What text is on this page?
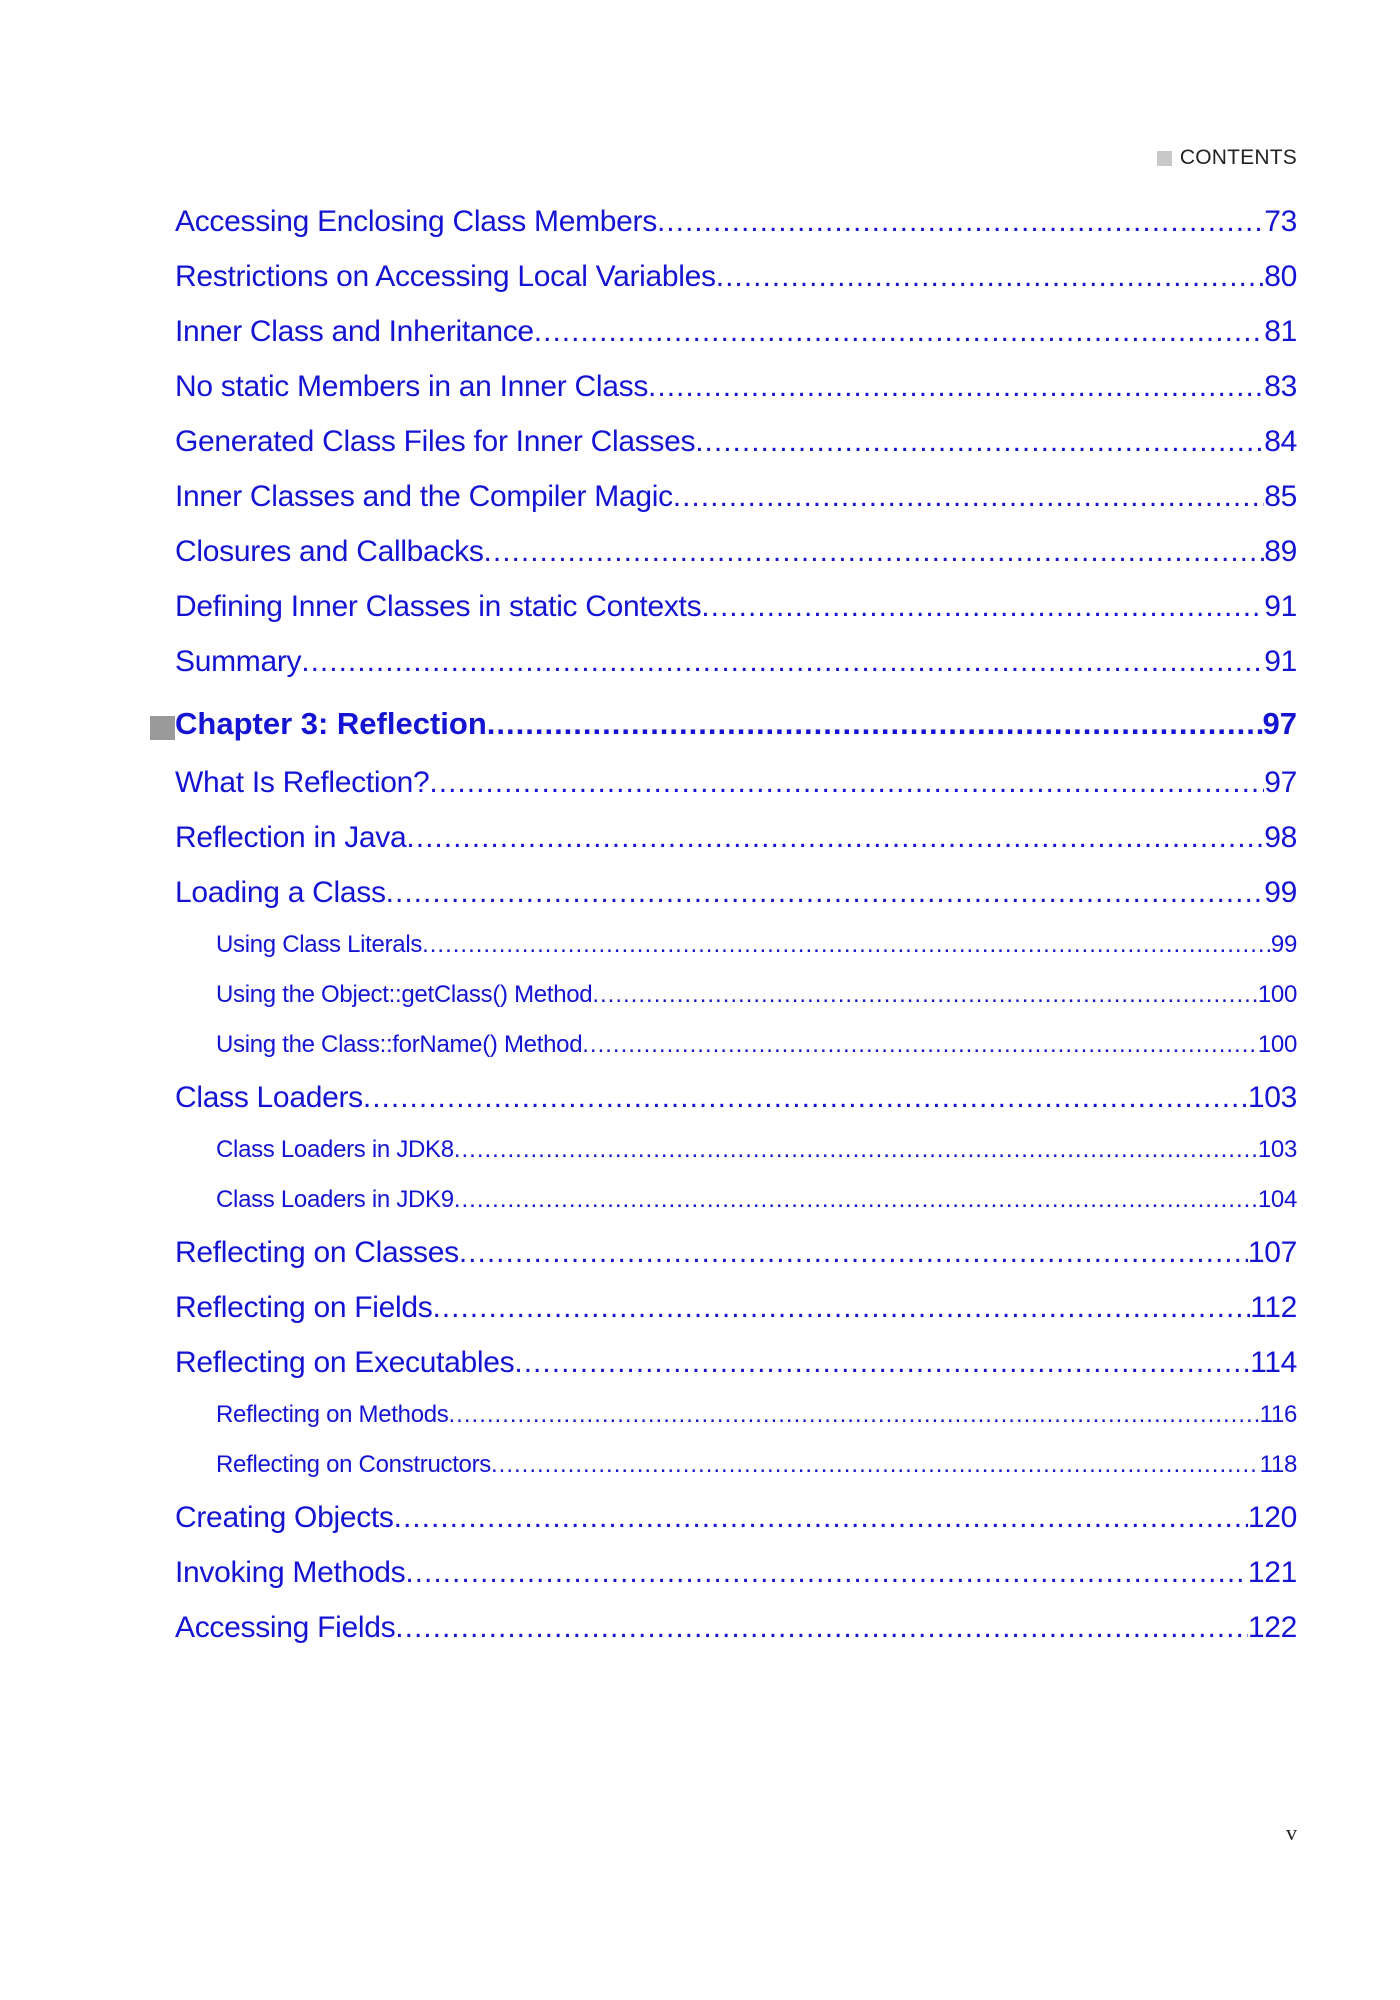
CONTENTS
Accessing Enclosing Class Members .....	73
Restrictions on Accessing Local Variables .....	80
Inner Class and Inheritance .....	81
No static Members in an Inner Class .....	83
Generated Class Files for Inner Classes .....	84
Inner Classes and the Compiler Magic .....	85
Closures and Callbacks .....	89
Defining Inner Classes in static Contexts .....	91
Summary .....	91
Chapter 3: Reflection .....	97
What Is Reflection? .....	97
Reflection in Java .....	98
Loading a Class .....	99
Using Class Literals .....	99
Using the Object::getClass() Method .....	100
Using the Class::forName() Method .....	100
Class Loaders .....	103
Class Loaders in JDK8 .....	103
Class Loaders in JDK9 .....	104
Reflecting on Classes .....	107
Reflecting on Fields .....	112
Reflecting on Executables .....	114
Reflecting on Methods .....	116
Reflecting on Constructors .....	118
Creating Objects .....	120
Invoking Methods .....	121
Accessing Fields .....	122
v
